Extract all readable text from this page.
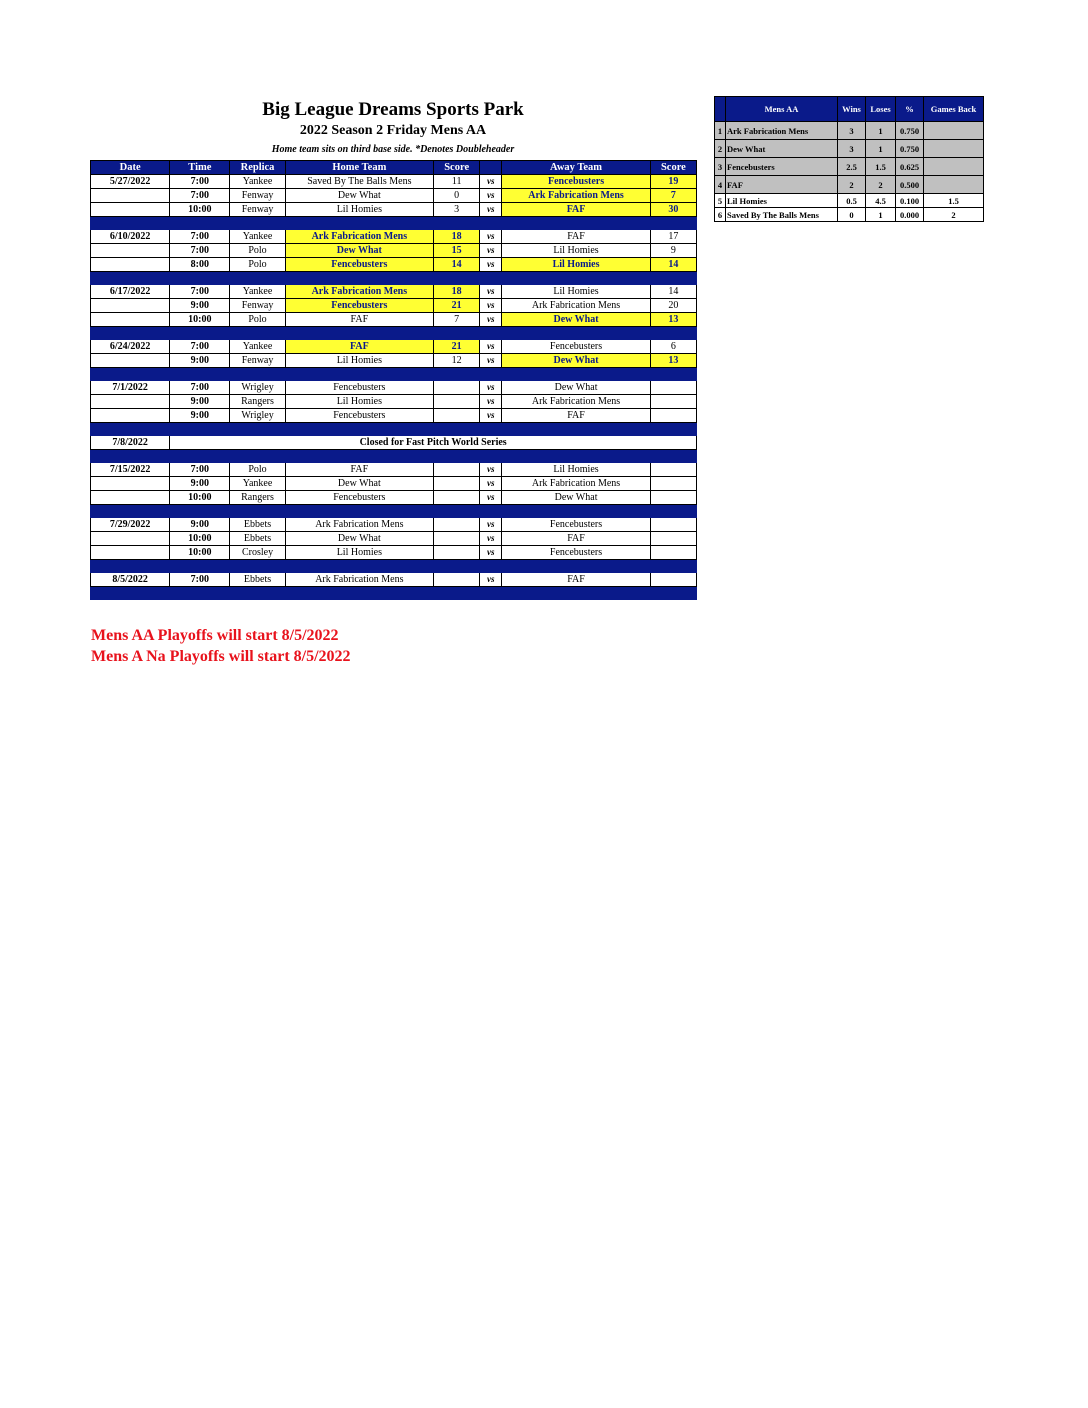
Big League Dreams Sports Park
2022 Season 2 Friday Mens AA
Home team sits on third base side. *Denotes Doubleheader
Date	Time	Replica	Home Team	Score		Away Team	Score
5/27/2022	7:00	Yankee	Saved By The Balls Mens	11	vs	Fencebusters	19
	7:00	Fenway	Dew What	0	vs	Ark Fabrication Mens	7
	10:00	Fenway	Lil Homies	3	vs	FAF	30

6/10/2022	7:00	Yankee	Ark Fabrication Mens	18	vs	FAF	17
	7:00	Polo	Dew What	15	vs	Lil Homies	9
	8:00	Polo	Fencebusters	14	vs	Lil Homies	14

6/17/2022	7:00	Yankee	Ark Fabrication Mens	18	vs	Lil Homies	14
	9:00	Fenway	Fencebusters	21	vs	Ark Fabrication Mens	20
	10:00	Polo	FAF	7	vs	Dew What	13

6/24/2022	7:00	Yankee	FAF	21	vs	Fencebusters	6
	9:00	Fenway	Lil Homies	12	vs	Dew What	13

7/1/2022	7:00	Wrigley	Fencebusters		vs	Dew What	
	9:00	Rangers	Lil Homies		vs	Ark Fabrication Mens	
	9:00	Wrigley	Fencebusters		vs	FAF	

7/8/2022	Closed for Fast Pitch World Series						

7/15/2022	7:00	Polo	FAF		vs	Lil Homies	
	9:00	Yankee	Dew What		vs	Ark Fabrication Mens	
	10:00	Rangers	Fencebusters		vs	Dew What	

7/29/2022	9:00	Ebbets	Ark Fabrication Mens		vs	Fencebusters	
	10:00	Ebbets	Dew What		vs	FAF	
	10:00	Crosley	Lil Homies		vs	Fencebusters	

8/5/2022	7:00	Ebbets	Ark Fabrication Mens		vs	FAF	

	Mens AA	Wins	Loses	%	Games Back
1	Ark Fabrication Mens	3	1	0.750	
2	Dew What	3	1	0.750	
3	Fencebusters	2.5	1.5	0.625	
4	FAF	2	2	0.500	
5	Lil Homies	0.5	4.5	0.100	1.5
6	Saved By The Balls Mens	0	1	0.000	2
Mens AA Playoffs will start 8/5/2022
Mens A Na Playoffs will start 8/5/2022
